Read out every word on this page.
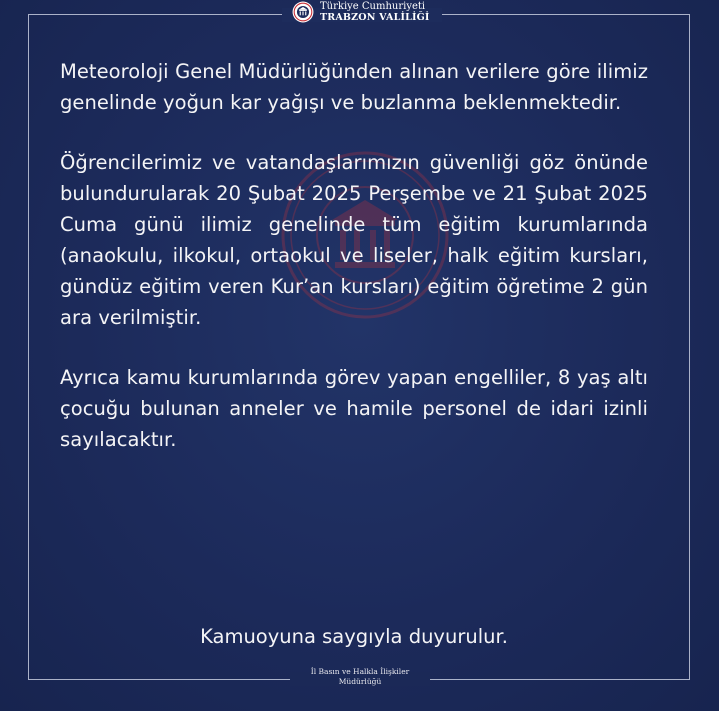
Türkiye Cumhuriyeti
TRABZON VALİLİĞİ

Meteoroloji Genel Müdürlüğünden alınan verilere göre ilimiz genelinde yoğun kar yağışı ve buzlanma beklenmektedir.

Öğrencilerimiz ve vatandaşlarımızın güvenliği göz önünde bulundurularak 20 Şubat 2025 Perşembe ve 21 Şubat 2025 Cuma günü ilimiz genelinde tüm eğitim kurumlarında (anaokulu, ilkokul, ortaokul ve liseler, halk eğitim kursları, gündüz eğitim veren Kur’an kursları) eğitim öğretime 2 gün ara verilmiştir.

Ayrıca kamu kurumlarında görev yapan engelliler, 8 yaş altı çocuğu bulunan anneler ve hamile personel de idari izinli sayılacaktır.

Kamuoyuna saygıyla duyurulur.
İl Basın ve Halkla İlişkiler
Müdürlüğü
